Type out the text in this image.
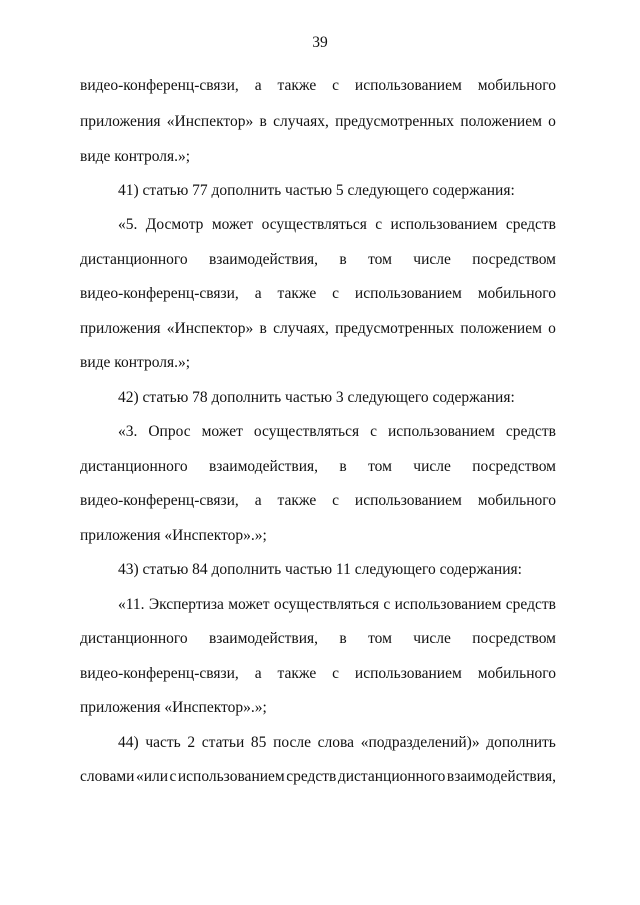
39
видео-конференц-связи, а также с использованием мобильного
приложения «Инспектор» в случаях, предусмотренных положением о
виде контроля.»;
41) статью 77 дополнить частью 5 следующего содержания:
«5. Досмотр может осуществляться с использованием средств
дистанционного взаимодействия, в том числе посредством
видео-конференц-связи, а также с использованием мобильного
приложения «Инспектор» в случаях, предусмотренных положением о
виде контроля.»;
42) статью 78 дополнить частью 3 следующего содержания:
«3. Опрос может осуществляться с использованием средств
дистанционного взаимодействия, в том числе посредством
видео-конференц-связи, а также с использованием мобильного
приложения «Инспектор».»;
43) статью 84 дополнить частью 11 следующего содержания:
«11. Экспертиза может осуществляться с использованием средств
дистанционного взаимодействия, в том числе посредством
видео-конференц-связи, а также с использованием мобильного
приложения «Инспектор».»;
44) часть 2 статьи 85 после слова «подразделений)» дополнить
словами «или с использованием средств дистанционного взаимодействия,
